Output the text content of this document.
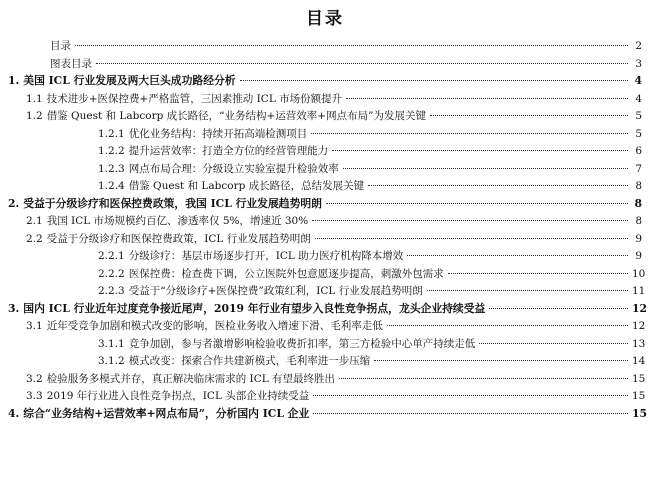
目录
目录	2
图表目录	3
1. 美国 ICL 行业发展及两大巨头成功路经分析	4
1.1 技术进步+医保控费+严格监管，三因素推动 ICL 市场份额提升	4
1.2 借鉴 Quest 和 Labcorp 成长路径，“业务结构+运营效率+网点布局”为发展关键	5
1.2.1 优化业务结构：持续开拓高端检测项目	5
1.2.2 提升运营效率：打造全方位的经营管理能力	6
1.2.3 网点布局合理：分级设立实验室提升检验效率	7
1.2.4 借鉴 Quest 和 Labcorp 成长路径，总结发展关键	8
2. 受益于分级诊疗和医保控费政策，我国 ICL 行业发展趋势明朗	8
2.1 我国 ICL 市场规模约百亿、渗透率仅 5%，增速近 30%	8
2.2 受益于分级诊疗和医保控费政策，ICL 行业发展趋势明朗	9
2.2.1 分级诊疗：基层市场逐步打开，ICL 助力医疗机构降本增效	9
2.2.2 医保控费：检查费下调，公立医院外包意愿逐步提高，刺激外包需求	10
2.2.3 受益于“分级诊疗+医保控费”政策红利，ICL 行业发展趋势明朗	11
3. 国内 ICL 行业近年过度竞争接近尾声，2019 年行业有望步入良性竞争拐点，龙头企业持续受益	12
3.1 近年受竞争加剧和模式改变的影响，医检业务收入增速下滑、毛利率走低	12
3.1.1 竞争加剧，参与者激增影响检验收费折扣率，第三方检验中心单产持续走低	13
3.1.2 模式改变：探索合作共建新模式，毛利率进一步压缩	14
3.2 检验服务多模式并存，真正解决临床需求的 ICL 有望最终胜出	15
3.3 2019 年行业进入良性竞争拐点，ICL 头部企业持续受益	15
4. 综合“业务结构+运营效率+网点布局”，分析国内 ICL 企业	15
